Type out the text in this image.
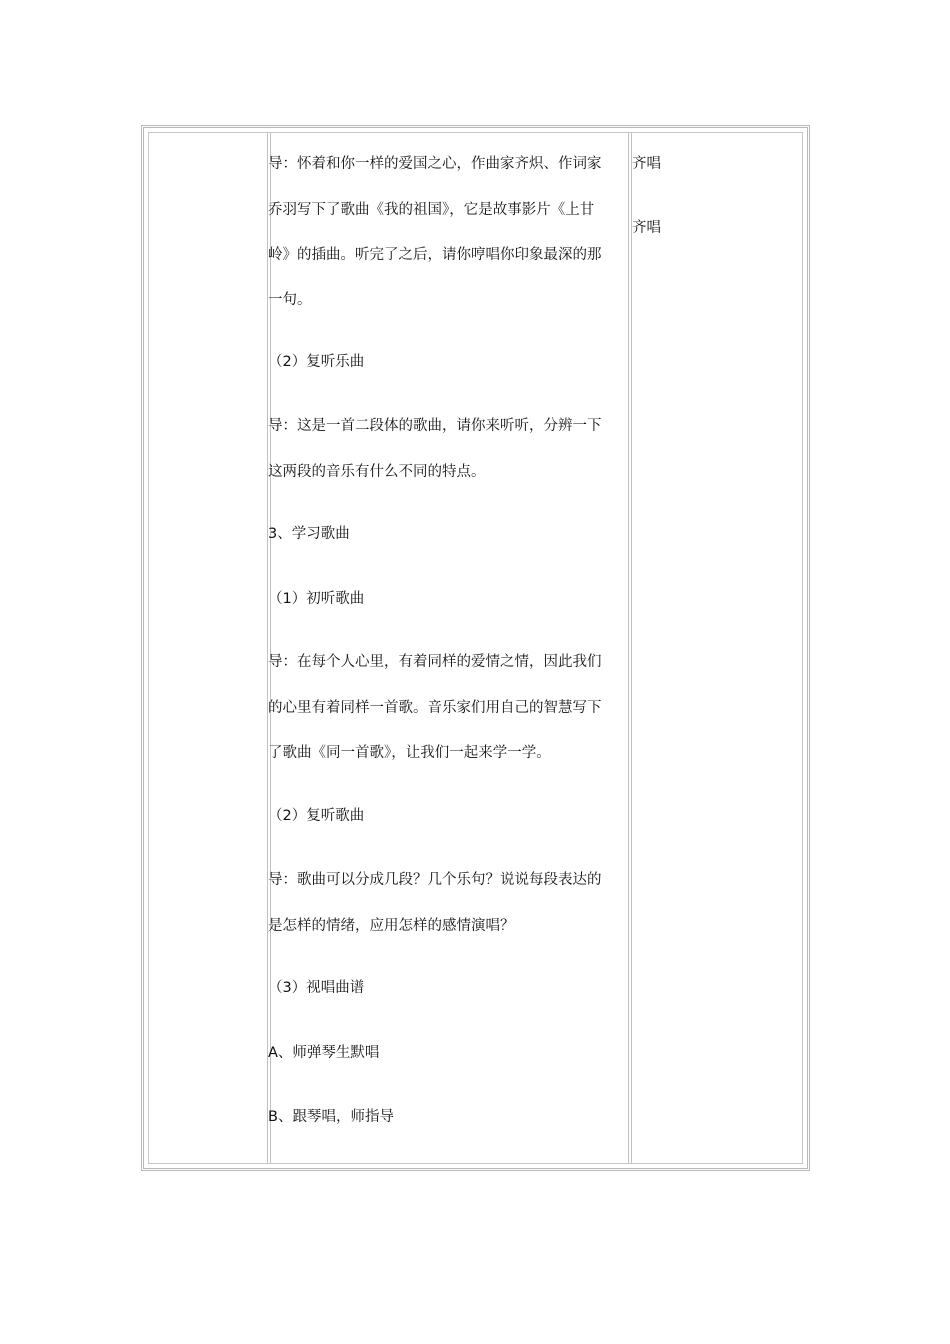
导：怀着和你一样的爱国之心，作曲家齐炽、作词家
乔羽写下了歌曲《我的祖国》，它是故事影片《上甘
岭》的插曲。听完了之后，请你哼唱你印象最深的那
一句。
（2）复听乐曲
导：这是一首二段体的歌曲，请你来听听，分辨一下
这两段的音乐有什么不同的特点。
3、学习歌曲
（1）初听歌曲
导：在每个人心里，有着同样的爱情之情，因此我们
的心里有着同样一首歌。音乐家们用自己的智慧写下
了歌曲《同一首歌》，让我们一起来学一学。
（2）复听歌曲
导：歌曲可以分成几段？几个乐句？说说每段表达的
是怎样的情绪，应用怎样的感情演唱？
（3）视唱曲谱
A、师弹琴生默唱
B、跟琴唱，师指导
齐唱
齐唱
